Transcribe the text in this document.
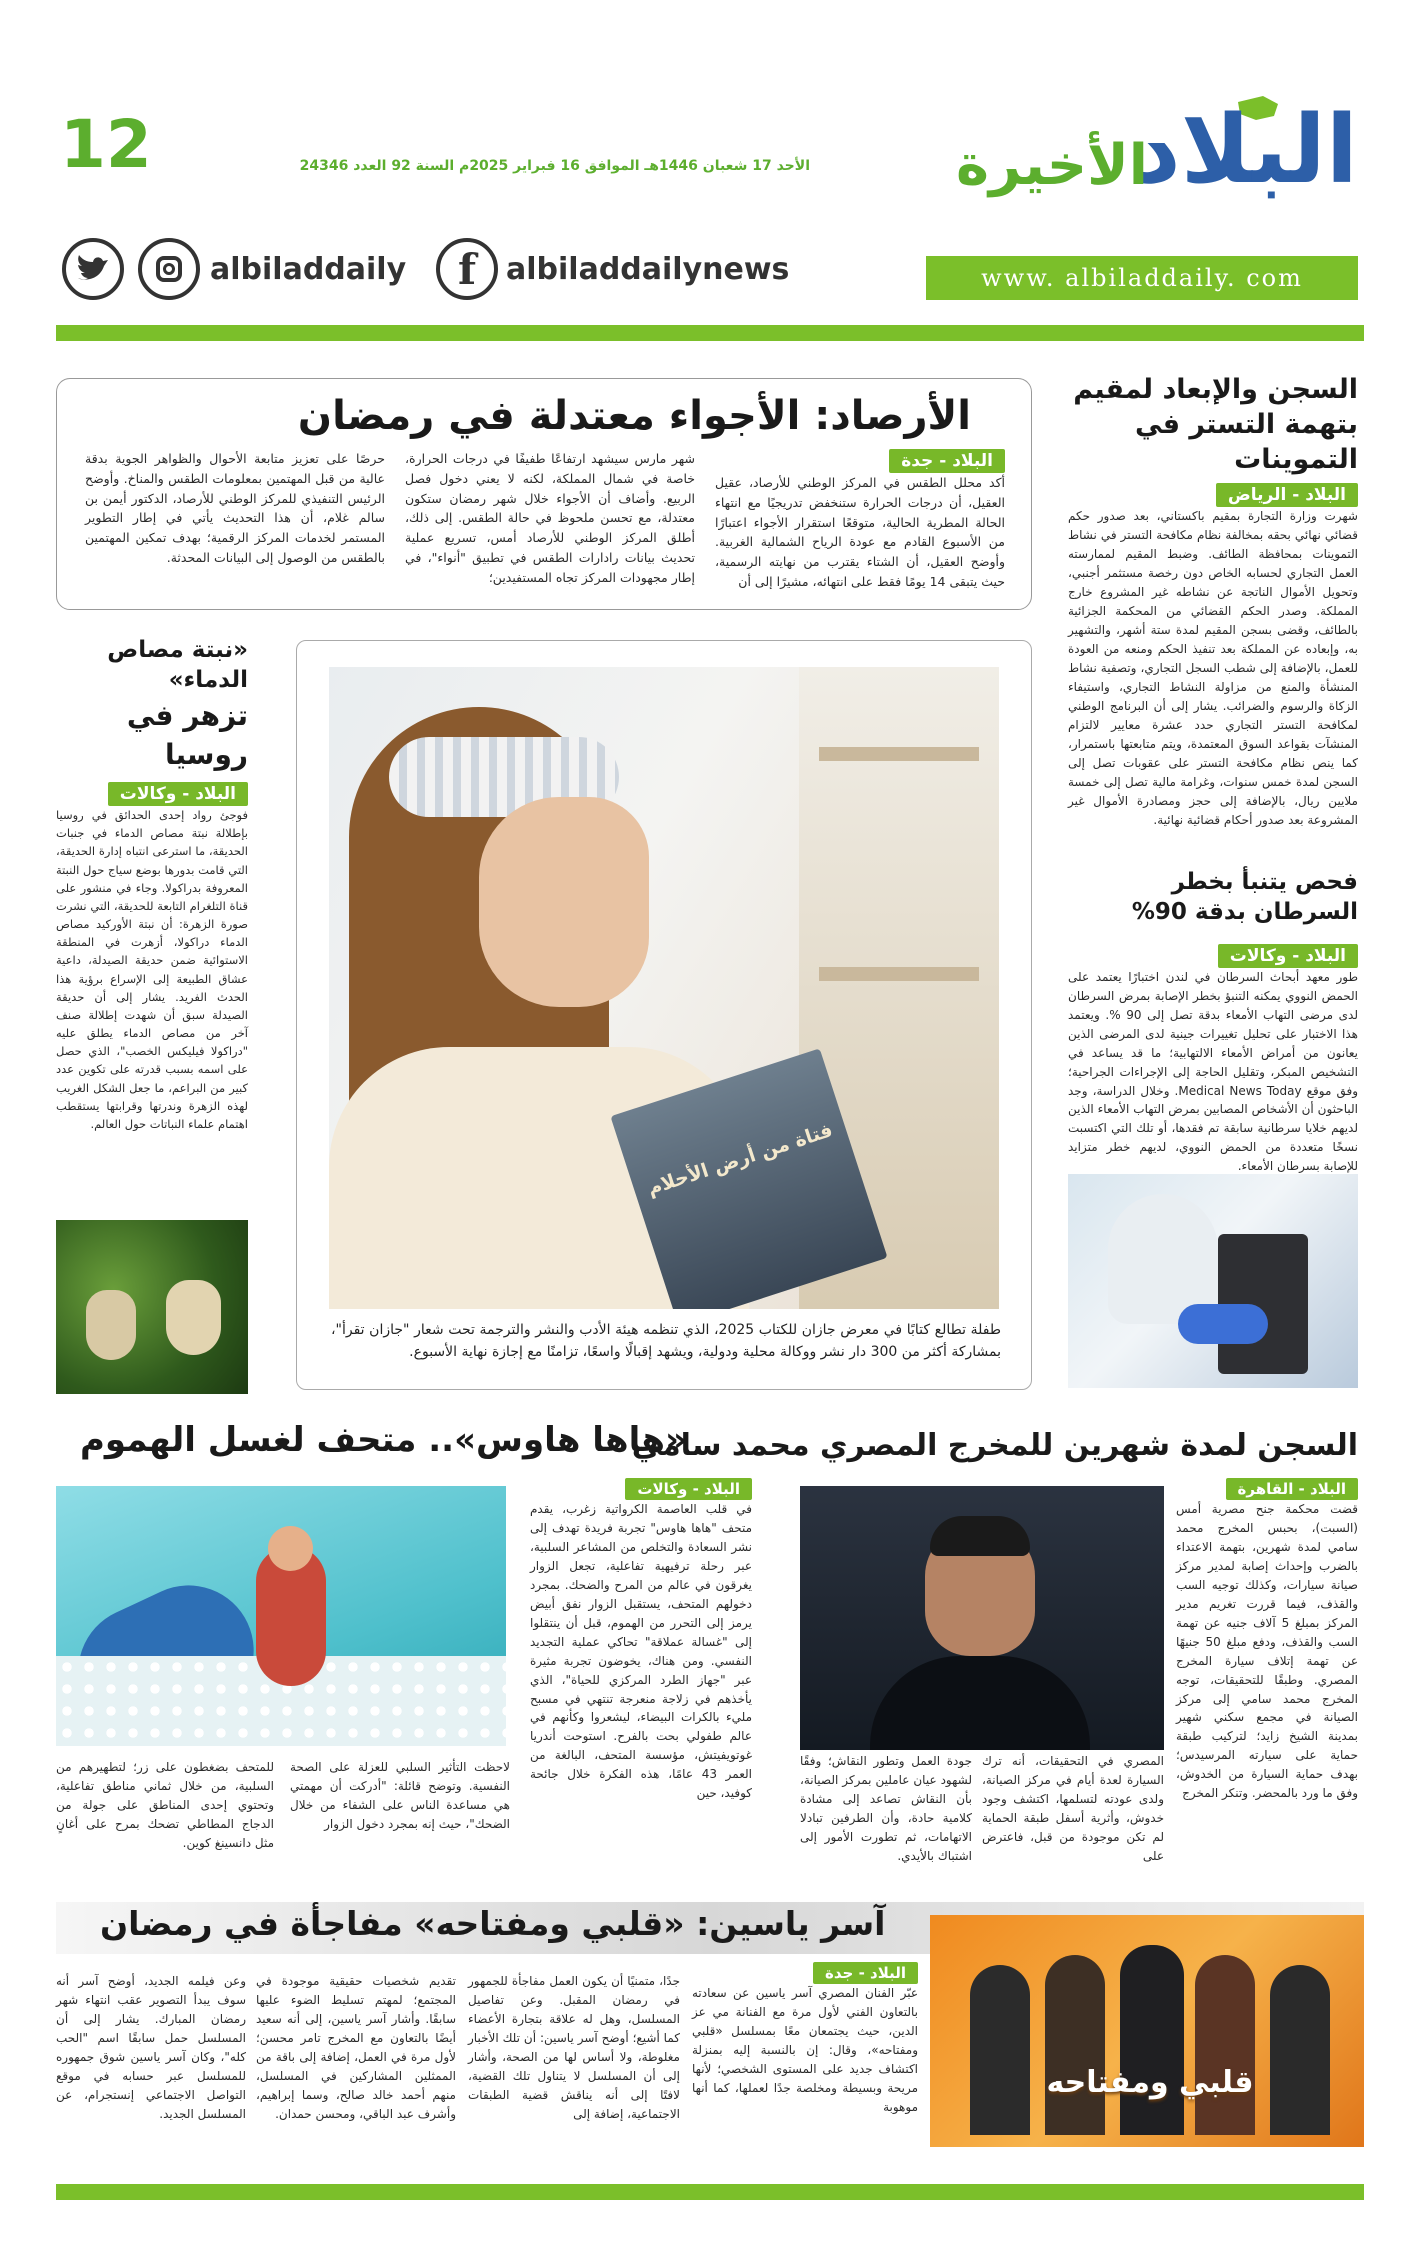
البلاد
الأخيرة
الأحد 17 شعبان 1446هـ الموافق 16 فبراير 2025م السنة 92 العدد 24346
12
www. albiladdaily. com
f albiladdailynews
albiladdaily
الأرصاد: الأجواء معتدلة في رمضان
البلاد - جدة

أكد محلل الطقس في المركز الوطني للأرصاد، عقيل العقيل، أن درجات الحرارة ستنخفض تدريجيًا مع انتهاء الحالة المطرية الحالية، متوقعًا استقرار الأجواء اعتبارًا من الأسبوع القادم مع عودة الرياح الشمالية الغربية. وأوضح العقيل، أن الشتاء يقترب من نهايته الرسمية، حيث يتبقى 14 يومًا فقط على انتهائه، مشيرًا إلى أن

شهر مارس سيشهد ارتفاعًا طفيفًا في درجات الحرارة، خاصة في شمال المملكة، لكنه لا يعني دخول فصل الربيع. وأضاف أن الأجواء خلال شهر رمضان ستكون معتدلة، مع تحسن ملحوظ في حالة الطقس. إلى ذلك، أطلق المركز الوطني للأرصاد أمس، تسريع عملية تحديث بيانات رادارات الطقس في تطبيق "أنواء"، في إطار مجهودات المركز تجاه المستفيدين؛

حرصًا على تعزيز متابعة الأحوال والظواهر الجوية بدقة عالية من قبل المهتمين بمعلومات الطقس والمناخ. وأوضح الرئيس التنفيذي للمركز الوطني للأرصاد، الدكتور أيمن بن سالم غلام، أن هذا التحديث يأتي في إطار التطوير المستمر لخدمات المركز الرقمية؛ بهدف تمكين المهتمين بالطقس من الوصول إلى البيانات المحدثة.

السجن والإبعاد لمقيم
بتهمة التستر في التموينات
البلاد - الرياض

شهرت وزارة التجارة بمقيم باكستاني، بعد صدور حكم قضائي نهائي بحقه بمخالفة نظام مكافحة التستر في نشاط التموينات بمحافظة الطائف. وضبط المقيم لممارسته العمل التجاري لحسابه الخاص دون رخصة مستثمر أجنبي، وتحويل الأموال الناتجة عن نشاطه غير المشروع خارج المملكة. وصدر الحكم القضائي من المحكمة الجزائية بالطائف، وقضى بسجن المقيم لمدة ستة أشهر، والتشهير به، وإبعاده عن المملكة بعد تنفيذ الحكم ومنعه من العودة للعمل، بالإضافة إلى شطب السجل التجاري، وتصفية نشاط المنشأة والمنع من مزاولة النشاط التجاري، واستيفاء الزكاة والرسوم والضرائب. يشار إلى أن البرنامج الوطني لمكافحة التستر التجاري حدد عشرة معايير لالتزام المنشآت بقواعد السوق المعتمدة، ويتم متابعتها باستمرار، كما ينص نظام مكافحة التستر على عقوبات تصل إلى السجن لمدة خمس سنوات، وغرامة مالية تصل إلى خمسة ملايين ريال، بالإضافة إلى حجز ومصادرة الأموال غير المشروعة بعد صدور أحكام قضائية نهائية.

فحص يتنبأ بخطر السرطان بدقة 90%
البلاد - وكالات

طور معهد أبحاث السرطان في لندن اختبارًا يعتمد على الحمض النووي يمكنه التنبؤ بخطر الإصابة بمرض السرطان لدى مرضى التهاب الأمعاء بدقة تصل إلى 90 %. ويعتمد هذا الاختبار على تحليل تغييرات جينية لدى المرضى الذين يعانون من أمراض الأمعاء الالتهابية؛ ما قد يساعد في التشخيص المبكر، وتقليل الحاجة إلى الإجراءات الجراحية؛ وفق موقع Medical News Today. وخلال الدراسة، وجد الباحثون أن الأشخاص المصابين بمرض التهاب الأمعاء الذين لديهم خلايا سرطانية سابقة تم فقدها، أو تلك التي اكتسبت نسخًا متعددة من الحمض النووي، لديهم خطر متزايد للإصابة بسرطان الأمعاء.

«نبتة مصاص الدماء»
تزهر في روسيا
البلاد - وكالات

فوجئ رواد إحدى الحدائق في روسيا بإطلالة نبتة مصاص الدماء في جنبات الحديقة، ما استرعى انتباه إدارة الحديقة، التي قامت بدورها بوضع سياج حول النبتة المعروفة بدراكولا. وجاء في منشور على قناة التلغرام التابعة للحديقة، التي نشرت صورة الزهرة: أن نبتة الأوركيد مصاص الدماء دراكولا، أزهرت في المنطقة الاستوائية ضمن حديقة الصيدلة، داعية عشاق الطبيعة إلى الإسراع برؤية هذا الحدث الفريد. يشار إلى أن حديقة الصيدلة سبق أن شهدت إطلالة صنف آخر من مصاص الدماء يطلق عليه "دراكولا فيليكس الخصب"، الذي حصل على اسمه بسبب قدرته على تكوين عدد كبير من البراعم، ما جعل الشكل الغريب لهذه الزهرة وندرتها وقرابتها يستقطب اهتمام علماء النباتات حول العالم.	فتاة من أرض الأحلام

طفلة تطالع كتابًا في معرض جازان للكتاب 2025، الذي تنظمه هيئة الأدب والنشر والترجمة تحت شعار "جازان تقرأ"، بمشاركة أكثر من 300 دار نشر ووكالة محلية ودولية، ويشهد إقبالًا واسعًا، تزامنًا مع إجازة نهاية الأسبوع.

السجن لمدة شهرين للمخرج المصري محمد سامي
البلاد - القاهرة

قضت محكمة جنح مصرية أمس (السبت)، بحبس المخرج محمد سامي لمدة شهرين، بتهمة الاعتداء بالضرب وإحداث إصابة لمدير مركز صيانة سيارات، وكذلك توجيه السب والقذف، فيما قررت تغريم مدير المركز بمبلغ 5 آلاف جنيه عن تهمة السب والقذف، ودفع مبلغ 50 جنيهًا عن تهمة إتلاف سيارة المخرج المصري. وطبقًا للتحقيقات، توجه المخرج محمد سامي إلى مركز الصيانة في مجمع سكني شهير بمدينة الشيخ زايد؛ لتركيب طبقة حماية على سيارته المرسيدس؛ بهدف حماية السيارة من الخدوش، وفق ما ورد بالمحضر. وتنكر المخرج

المصري في التحقيقات، أنه ترك السيارة لعدة أيام في مركز الصيانة، ولدى عودته لتسلمها، اكتشف وجود خدوش، وأثرية أسفل طبقة الحماية لم تكن موجودة من قبل، فاعترض على

جودة العمل وتطور النقاش؛ وفقًا لشهود عيان عاملين بمركز الصيانة، بأن النقاش تصاعد إلى مشادة كلامية حادة، وأن الطرفين تبادلا الاتهامات، ثم تطورت الأمور إلى اشتباك بالأيدي.

«هاها هاوس».. متحف لغسل الهموم
البلاد - وكالات

في قلب العاصمة الكرواتية زغرب، يقدم متحف "هاها هاوس" تجربة فريدة تهدف إلى نشر السعادة والتخلص من المشاعر السلبية، عبر رحلة ترفيهية تفاعلية، تجعل الزوار يغرقون في عالم من المرح والضحك. بمجرد دخولهم المتحف، يستقبل الزوار نفق أبيض يرمز إلى التحرر من الهموم، قبل أن ينتقلوا إلى "غسالة عملاقة" تحاكي عملية التجديد النفسي. ومن هناك، يخوضون تجربة مثيرة عبر "جهاز الطرد المركزي للحياة"، الذي يأخذهم في زلاجة منعرجة تنتهي في مسبح مليء بالكرات البيضاء، ليشعروا وكأنهم في عالم طفولي بحت بالفرح. استوحت أندريا غوتويفيتش، مؤسسة المتحف، البالغة من العمر 43 عامًا، هذه الفكرة خلال جائحة كوفيد، حين

لاحظت التأثير السلبي للعزلة على الصحة النفسية. وتوضح قائلة: "أدركت أن مهمتي هي مساعدة الناس على الشفاء من خلال الضحك"، حيث إنه بمجرد دخول الزوار

للمتحف بضغطون على زر؛ لتطهيرهم من السلبية، من خلال ثماني مناطق تفاعلية، وتحتوي إحدى المناطق على جولة من الدجاج المطاطي تضحك بمرح على أغانٍ مثل دانسينغ كوين.

آسر ياسين: «قلبي ومفتاحه» مفاجأة في رمضان
قلبي ومفتاحه
البلاد - جدة

عبّر الفنان المصري آسر ياسين عن سعادته بالتعاون الفني لأول مرة مع الفنانة مي عز الدين، حيث يجتمعان معًا بمسلسل «قلبي ومفتاحه»، وقال: إن بالنسبة إليه بمنزلة اكتشاف جديد على المستوى الشخصي؛ لأنها مريحة وبسيطة ومخلصة جدًا لعملها، كما أنها موهوبة

جدًا، متمنيًا أن يكون العمل مفاجأة للجمهور في رمضان المقبل. وعن تفاصيل المسلسل، وهل له علاقة بتجارة الأعضاء كما أشيع؛ أوضح آسر ياسين: أن تلك الأخبار مغلوطة، ولا أساس لها من الصحة، وأشار إلى أن المسلسل لا يتناول تلك القضية، لافتًا إلى أنه يناقش قضية الطبقات الاجتماعية، إضافة إلى

تقديم شخصيات حقيقية موجودة في المجتمع؛ لمهتم تسليط الضوء عليها سابقًا. وأشار آسر ياسين، إلى أنه سعيد أيضًا بالتعاون مع المخرج تامر محسن؛ لأول مرة في العمل، إضافة إلى باقة من الممثلين المشاركين في المسلسل، منهم أحمد خالد صالح، وسما إبراهيم، وأشرف عبد الباقي، ومحسن حمدان.

وعن فيلمه الجديد، أوضح آسر أنه سوف يبدأ التصوير عقب انتهاء شهر رمضان المبارك. يشار إلى أن المسلسل حمل سابقًا اسم "الحب كله"، وكان آسر ياسين شوق جمهوره للمسلسل عبر حسابه في موقع التواصل الاجتماعي إنستجرام، عن المسلسل الجديد.
